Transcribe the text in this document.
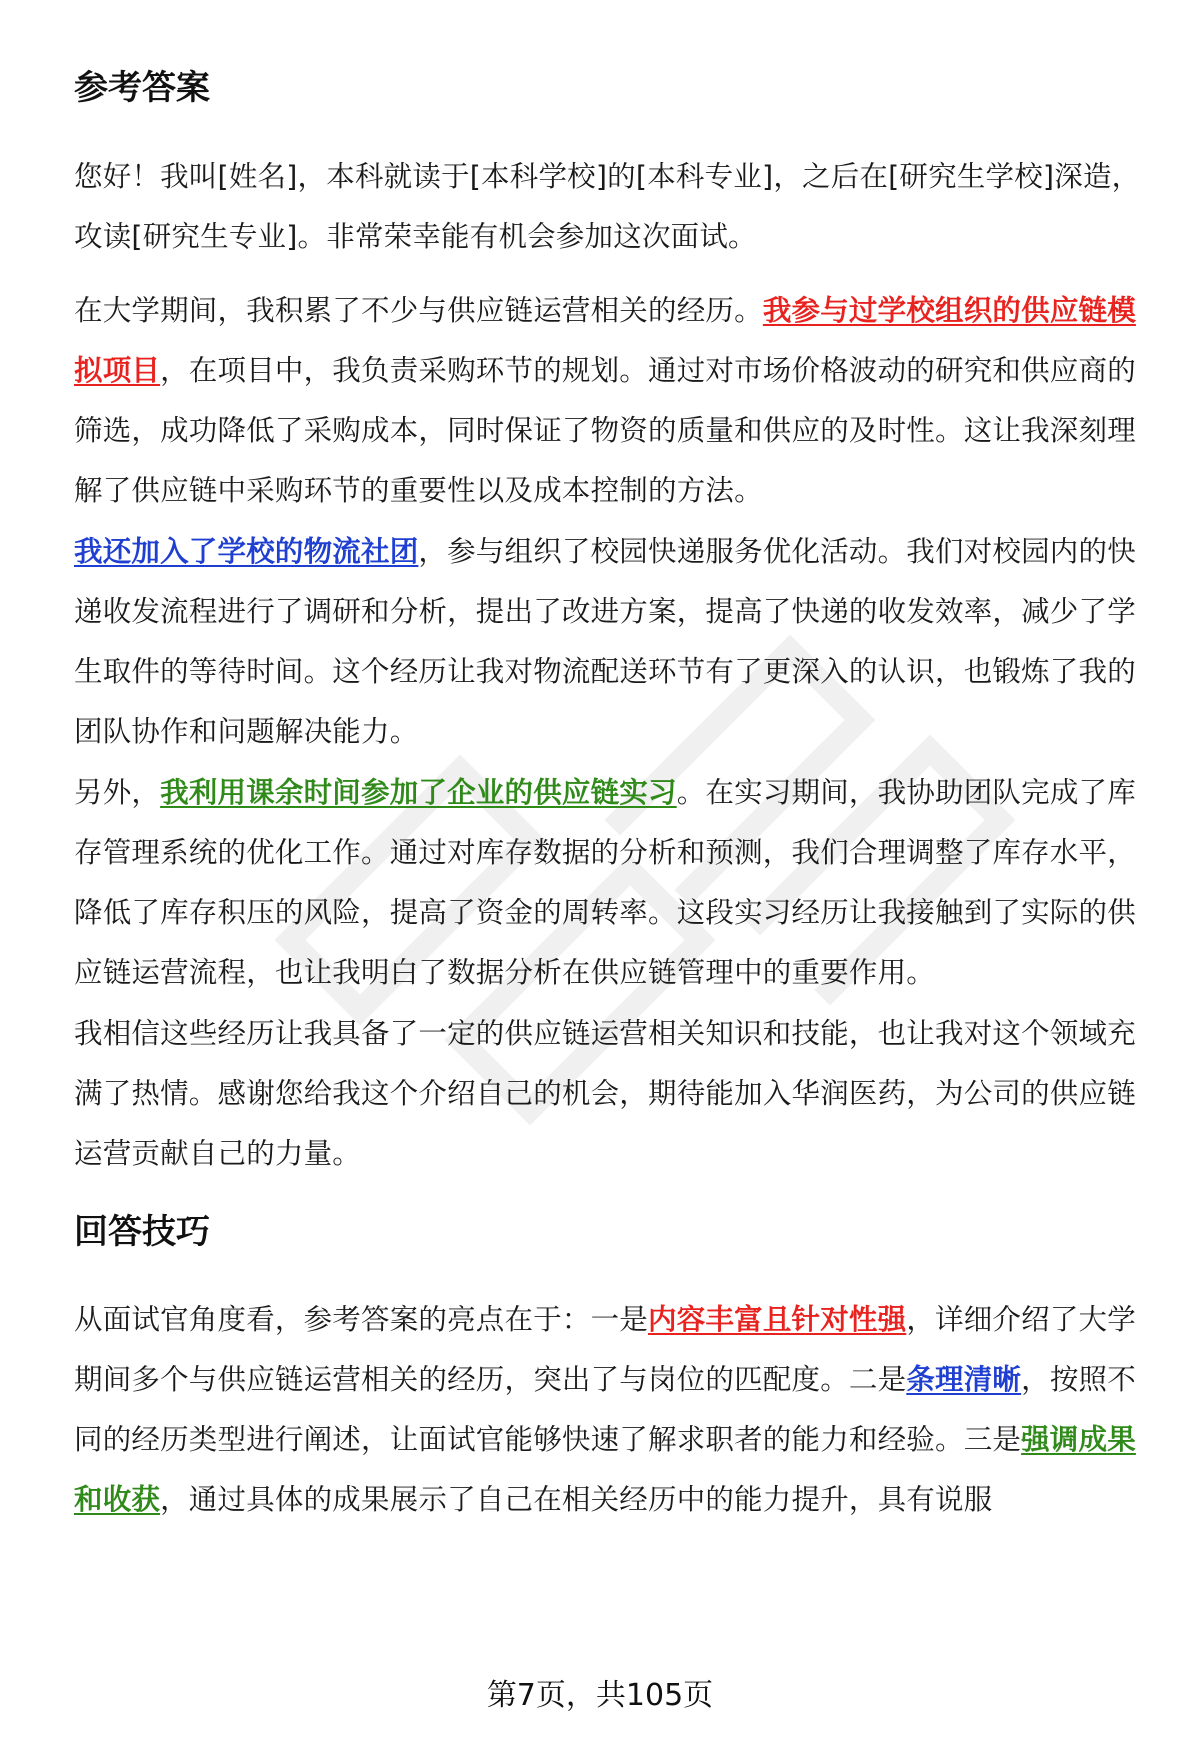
参考答案

您好！我叫[姓名]，本科就读于[本科学校]的[本科专业]，之后在[研究生学校]深造，攻读[研究生专业]。非常荣幸能有机会参加这次面试。

在大学期间，我积累了不少与供应链运营相关的经历。我参与过学校组织的供应链模拟项目，在项目中，我负责采购环节的规划。通过对市场价格波动的研究和供应商的筛选，成功降低了采购成本，同时保证了物资的质量和供应的及时性。这让我深刻理解了供应链中采购环节的重要性以及成本控制的方法。

我还加入了学校的物流社团，参与组织了校园快递服务优化活动。我们对校园内的快递收发流程进行了调研和分析，提出了改进方案，提高了快递的收发效率，减少了学生取件的等待时间。这个经历让我对物流配送环节有了更深入的认识，也锻炼了我的团队协作和问题解决能力。

另外，我利用课余时间参加了企业的供应链实习。在实习期间，我协助团队完成了库存管理系统的优化工作。通过对库存数据的分析和预测，我们合理调整了库存水平，降低了库存积压的风险，提高了资金的周转率。这段实习经历让我接触到了实际的供应链运营流程，也让我明白了数据分析在供应链管理中的重要作用。

我相信这些经历让我具备了一定的供应链运营相关知识和技能，也让我对这个领域充满了热情。感谢您给我这个介绍自己的机会，期待能加入华润医药，为公司的供应链运营贡献自己的力量。

回答技巧

从面试官角度看，参考答案的亮点在于：一是内容丰富且针对性强，详细介绍了大学期间多个与供应链运营相关的经历，突出了与岗位的匹配度。二是条理清晰，按照不同的经历类型进行阐述，让面试官能够快速了解求职者的能力和经验。三是强调成果和收获，通过具体的成果展示了自己在相关经历中的能力提升，具有说服

第7页，共105页
